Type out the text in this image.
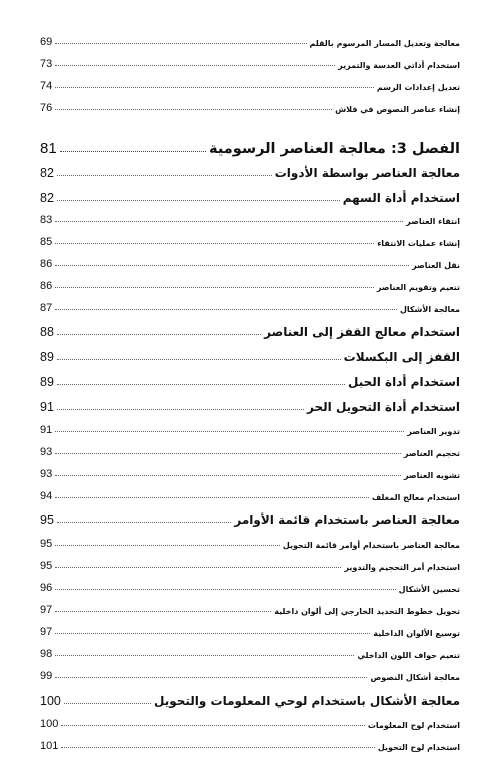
معالجة وتعديل المسار المرسوم بالقلم
69
استخدام أداتي العدسة والتمرير
73
تعديل إعدادات الرسم
74
إنشاء عناصر النصوص في فلاش
76
الفصل 3: معالجة العناصر الرسومية
81
معالجة العناصر بواسطة الأدوات
82
استخدام أداة السهم
82
انتقاء العناصر
83
إنشاء عمليات الانتقاء
85
نقل العناصر
86
تنعيم وتقويم العناصر
86
معالجة الأشكال
87
استخدام معالج القفز إلى العناصر
88
القفز إلى البكسلات
89
استخدام أداة الحبل
89
استخدام أداة التحويل الحر
91
تدوير العناصر
91
تحجيم العناصر
93
تشويه العناصر
93
استخدام معالج المغلف
94
معالجة العناصر باستخدام قائمة الأوامر
95
معالجة العناصر باستخدام أوامر قائمة التحويل
95
استخدام أمر التحجيم والتدوير
95
تحسين الأشكال
96
تحويل خطوط التحديد الخارجي إلى ألوان داخلية
97
توسيع الألوان الداخلية
97
تنعيم حواف اللون الداخلي
98
معالجة أشكال النصوص
99
معالجة الأشكال باستخدام لوحي المعلومات والتحويل
100
استخدام لوح المعلومات
100
استخدام لوح التحويل
101
